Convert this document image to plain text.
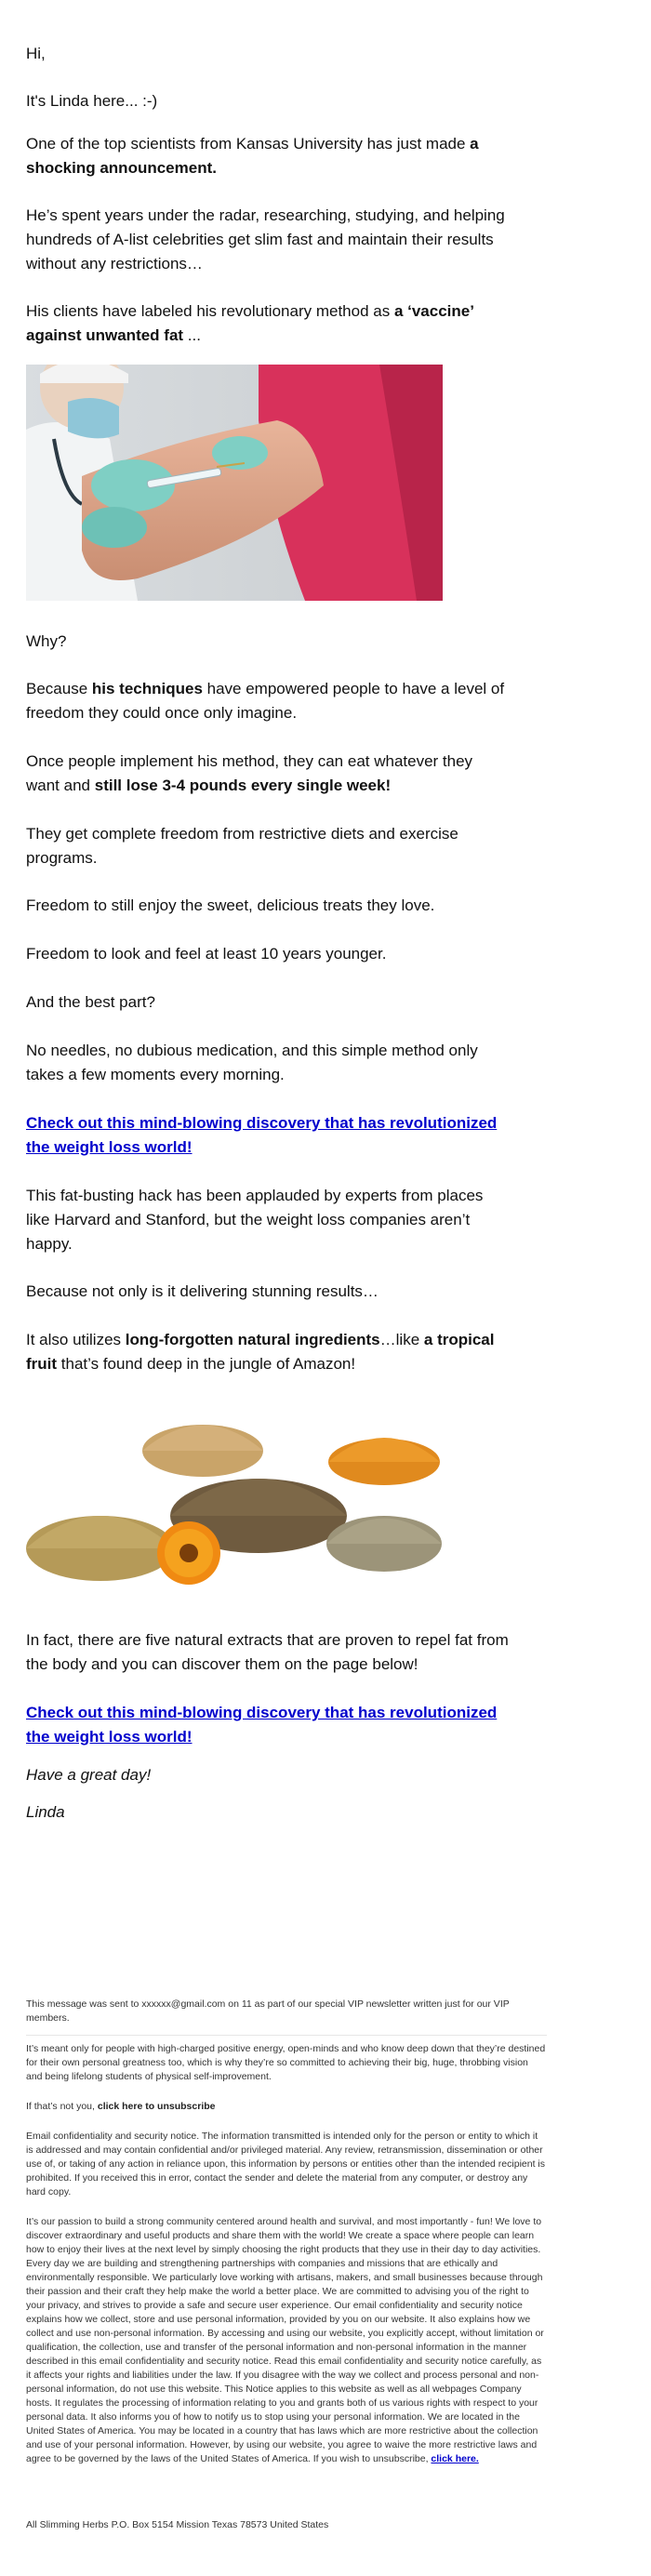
Hi,

It's Linda here... :-)

One of the top scientists from Kansas University has just made a shocking announcement.

He’s spent years under the radar, researching, studying, and helping hundreds of A-list celebrities get slim fast and maintain their results without any restrictions…

His clients have labeled his revolutionary method as a ‘vaccine’ against unwanted fat ...

Why?

Because his techniques have empowered people to have a level of freedom they could once only imagine.

Once people implement his method, they can eat whatever they want and still lose 3-4 pounds every single week!

They get complete freedom from restrictive diets and exercise programs.

Freedom to still enjoy the sweet, delicious treats they love.

Freedom to look and feel at least 10 years younger.

And the best part?

No needles, no dubious medication, and this simple method only takes a few moments every morning.

Check out this mind-blowing discovery that has revolutionized the weight loss world!

This fat-busting hack has been applauded by experts from places like Harvard and Stanford, but the weight loss companies aren’t happy.

Because not only is it delivering stunning results…

It also utilizes long-forgotten natural ingredients…like a tropical fruit that’s found deep in the jungle of Amazon!

In fact, there are five natural extracts that are proven to repel fat from the body and you can discover them on the page below!

Check out this mind-blowing discovery that has revolutionized the weight loss world!

Have a great day!

Linda

This message was sent to xxxxxx@gmail.com on 11 as part of our special VIP newsletter written just for our VIP members.

It’s meant only for people with high-charged positive energy, open-minds and who know deep down that they’re destined for their own personal greatness too, which is why they’re so committed to achieving their big, huge, throbbing vision and being lifelong students of physical self-improvement.

If that’s not you, click here to unsubscribe

Email confidentiality and security notice. The information transmitted is intended only for the person or entity to which it is addressed and may contain confidential and/or privileged material. Any review, retransmission, dissemination or other use of, or taking of any action in reliance upon, this information by persons or entities other than the intended recipient is prohibited. If you received this in error, contact the sender and delete the material from any computer, or destroy any hard copy.

It’s our passion to build a strong community centered around health and survival, and most importantly - fun! We love to discover extraordinary and useful products and share them with the world! We create a space where people can learn how to enjoy their lives at the next level by simply choosing the right products that they use in their day to day activities. Every day we are building and strengthening partnerships with companies and missions that are ethically and environmentally responsible. We particularly love working with artisans, makers, and small businesses because through their passion and their craft they help make the world a better place. We are committed to advising you of the right to your privacy, and strives to provide a safe and secure user experience. Our email confidentiality and security notice explains how we collect, store and use personal information, provided by you on our website. It also explains how we collect and use non-personal information. By accessing and using our website, you explicitly accept, without limitation or qualification, the collection, use and transfer of the personal information and non-personal information in the manner described in this email confidentiality and security notice. Read this email confidentiality and security notice carefully, as it affects your rights and liabilities under the law. If you disagree with the way we collect and process personal and non-personal information, do not use this website. This Notice applies to this website as well as all webpages Company hosts. It regulates the processing of information relating to you and grants both of us various rights with respect to your personal data. It also informs you of how to notify us to stop using your personal information. We are located in the United States of America. You may be located in a country that has laws which are more restrictive about the collection and use of your personal information. However, by using our website, you agree to waive the more restrictive laws and agree to be governed by the laws of the United States of America. If you wish to unsubscribe, click here.

All Slimming Herbs P.O. Box 5154 Mission Texas 78573 United States
